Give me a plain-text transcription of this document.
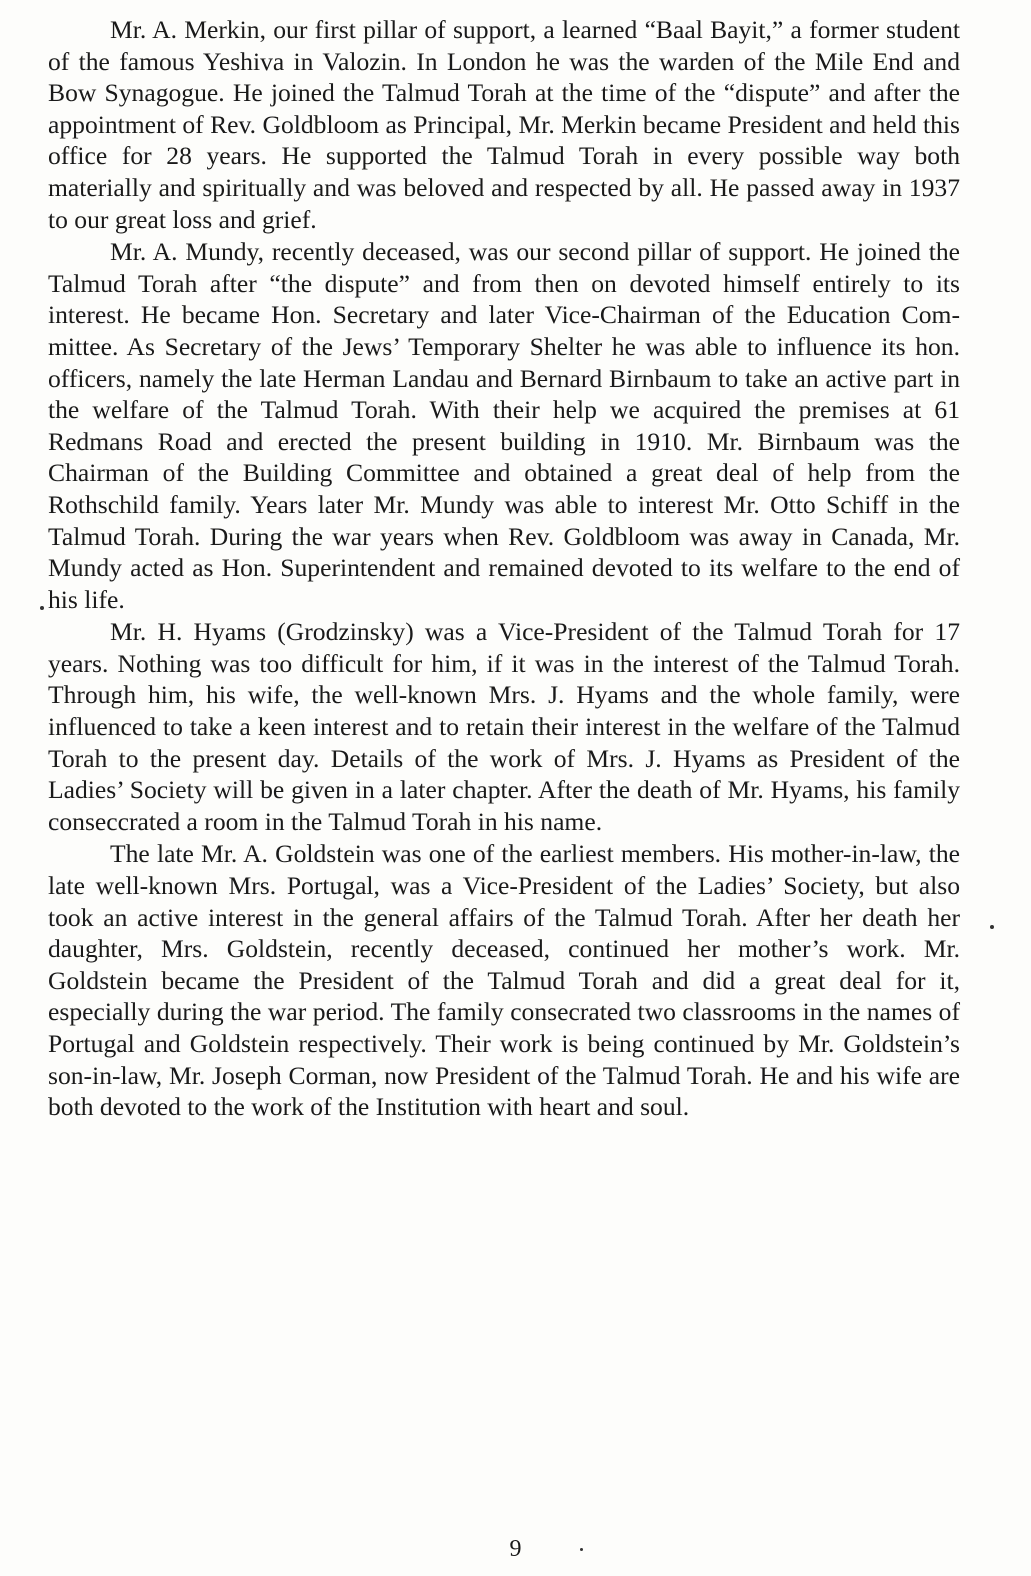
Mr. A. Merkin, our first pillar of support, a learned “Baal Bayit,” a former student of the famous Yeshiva in Valozin. In London he was the warden of the Mile End and Bow Synagogue. He joined the Talmud Torah at the time of the “dispute” and after the appointment of Rev. Goldbloom as Principal, Mr. Merkin became President and held this office for 28 years. He supported the Talmud Torah in every possible way both materially and spiritually and was beloved and respected by all. He passed away in 1937 to our great loss and grief.

Mr. A. Mundy, recently deceased, was our second pillar of support. He joined the Talmud Torah after “the dispute” and from then on devoted himself entirely to its interest. He became Hon. Secretary and later Vice-Chairman of the Education Committee. As Secretary of the Jews’ Temporary Shelter he was able to influence its hon. officers, namely the late Herman Landau and Bernard Birnbaum to take an active part in the welfare of the Talmud Torah. With their help we acquired the premises at 61 Redmans Road and erected the present building in 1910. Mr. Birnbaum was the Chairman of the Building Committee and obtained a great deal of help from the Rothschild family. Years later Mr. Mundy was able to interest Mr. Otto Schiff in the Talmud Torah. During the war years when Rev. Goldbloom was away in Canada, Mr. Mundy acted as Hon. Superintendent and remained devoted to its welfare to the end of his life.

Mr. H. Hyams (Grodzinsky) was a Vice-President of the Talmud Torah for 17 years. Nothing was too difficult for him, if it was in the interest of the Talmud Torah. Through him, his wife, the well-known Mrs. J. Hyams and the whole family, were influenced to take a keen interest and to retain their interest in the welfare of the Talmud Torah to the present day. Details of the work of Mrs. J. Hyams as President of the Ladies’ Society will be given in a later chapter. After the death of Mr. Hyams, his family conseccrated a room in the Talmud Torah in his name.

The late Mr. A. Goldstein was one of the earliest members. His mother-in-law, the late well-known Mrs. Portugal, was a Vice-President of the Ladies’ Society, but also took an active interest in the general affairs of the Talmud Torah. After her death her daughter, Mrs. Goldstein, recently deceased, continued her mother’s work. Mr. Goldstein became the President of the Talmud Torah and did a great deal for it, especially during the war period. The family consecrated two classrooms in the names of Portugal and Goldstein respectively. Their work is being continued by Mr. Goldstein’s son-in-law, Mr. Joseph Corman, now President of the Talmud Torah. He and his wife are both devoted to the work of the Institution with heart and soul.

9
